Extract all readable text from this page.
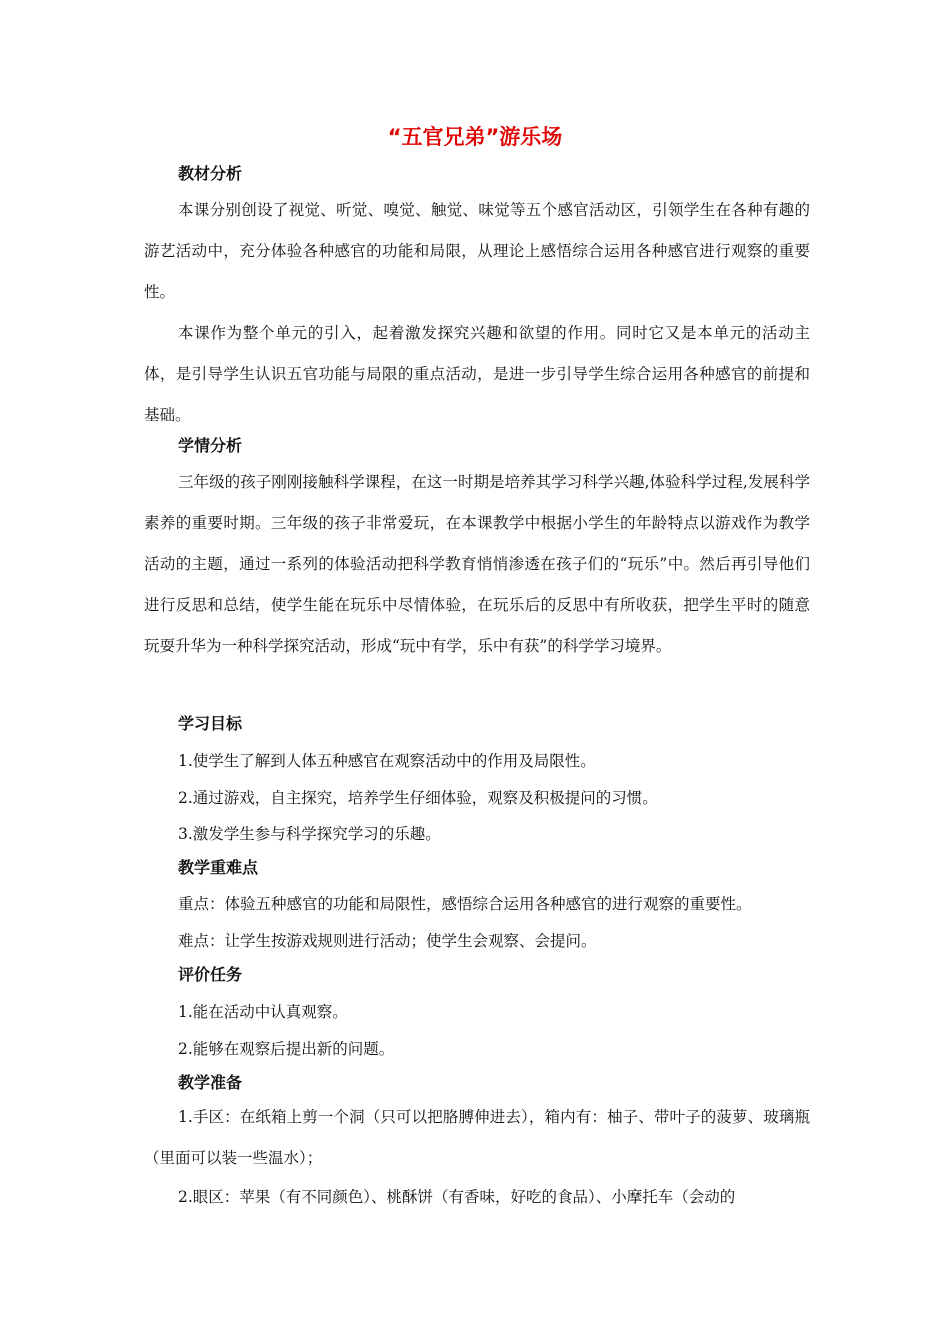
“五官兄弟”游乐场
教材分析

本课分别创设了视觉、听觉、嗅觉、触觉、味觉等五个感官活动区，引领学生在各种有趣的游艺活动中，充分体验各种感官的功能和局限，从理论上感悟综合运用各种感官进行观察的重要性。

本课作为整个单元的引入，起着激发探究兴趣和欲望的作用。同时它又是本单元的活动主体，是引导学生认识五官功能与局限的重点活动，是进一步引导学生综合运用各种感官的前提和基础。

学情分析

三年级的孩子刚刚接触科学课程，在这一时期是培养其学习科学兴趣,体验科学过程,发展科学素养的重要时期。三年级的孩子非常爱玩，在本课教学中根据小学生的年龄特点以游戏作为教学活动的主题，通过一系列的体验活动把科学教育悄悄渗透在孩子们的“玩乐”中。然后再引导他们进行反思和总结，使学生能在玩乐中尽情体验，在玩乐后的反思中有所收获，把学生平时的随意玩耍升华为一种科学探究活动，形成“玩中有学，乐中有获”的科学学习境界。

学习目标
1.使学生了解到人体五种感官在观察活动中的作用及局限性。
2.通过游戏，自主探究，培养学生仔细体验，观察及积极提问的习惯。
3.激发学生参与科学探究学习的乐趣。
教学重难点
重点：体验五种感官的功能和局限性，感悟综合运用各种感官的进行观察的重要性。
难点：让学生按游戏规则进行活动；使学生会观察、会提问。
评价任务
1.能在活动中认真观察。
2.能够在观察后提出新的问题。
教学准备

1.手区：在纸箱上剪一个洞（只可以把胳膊伸进去），箱内有：柚子、带叶子的菠萝、玻璃瓶（里面可以装一些温水）；

2.眼区：苹果（有不同颜色）、桃酥饼（有香味，好吃的食品）、小摩托车（会动的
